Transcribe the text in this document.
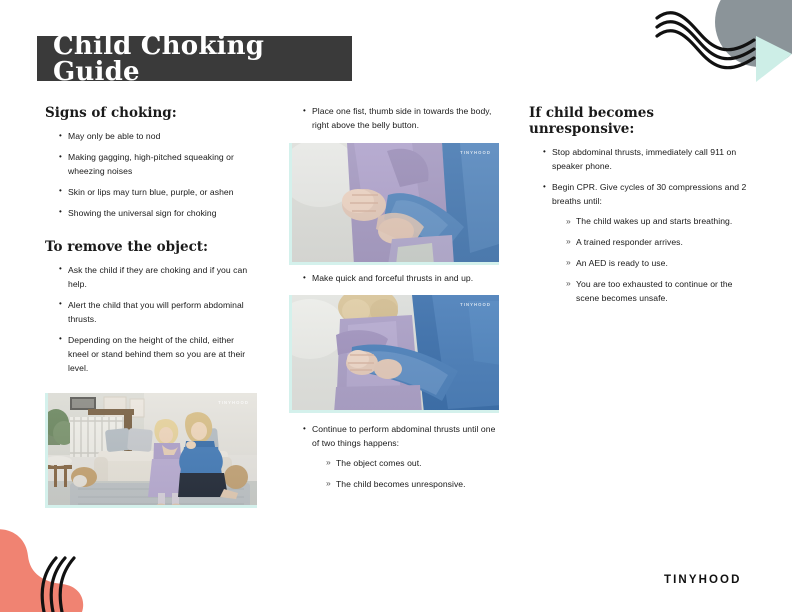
Child Choking Guide
Signs of choking:
• May only be able to nod
• Making gagging, high-pitched squeaking or wheezing noises
• Skin or lips may turn blue, purple, or ashen
• Showing the universal sign for choking
To remove the object:
• Ask the child if they are choking and if you can help.
• Alert the child that you will perform abdominal thrusts.
• Depending on the height of the child, either kneel or stand behind them so you are at their level.
• Place one fist, thumb side in towards the body, right above the belly button.
• Make quick and forceful thrusts in and up.
• Continue to perform abdominal thrusts until one of two things happens:
» The object comes out.
» The child becomes unresponsive.
If child becomes unresponsive:
• Stop abdominal thrusts, immediately call 911 on speaker phone.
• Begin CPR. Give cycles of 30 compressions and 2 breaths until:
» The child wakes up and starts breathing.
» A trained responder arrives.
» An AED is ready to use.
» You are too exhausted to continue or the scene becomes unsafe.
TINYHOOD
TINYHOOD
TINYHOOD
TINYHOOD
